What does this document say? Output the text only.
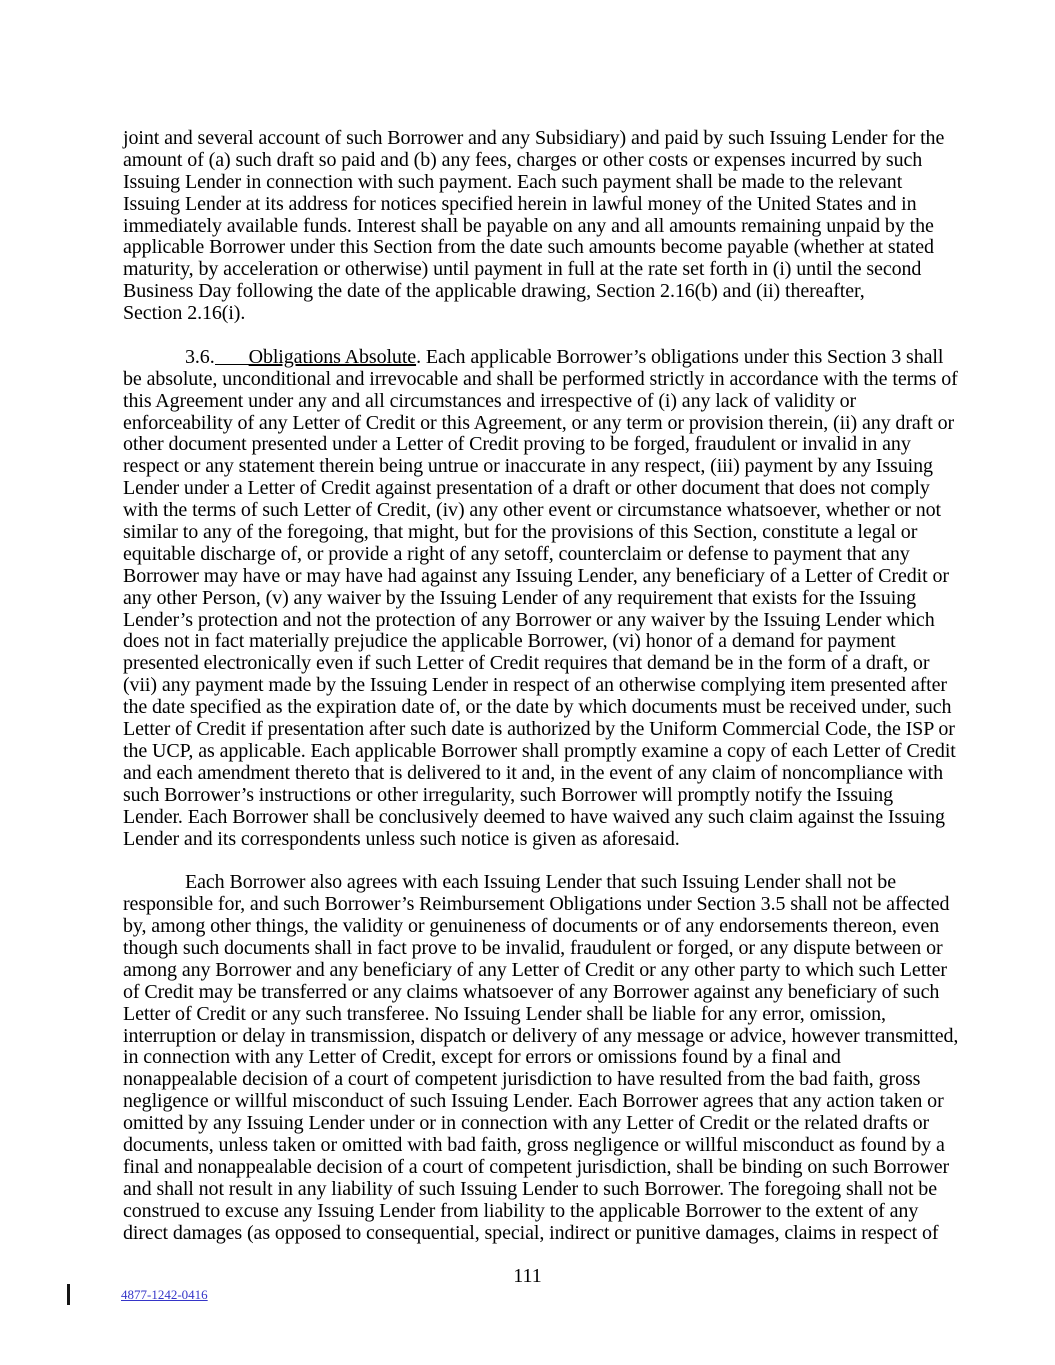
joint and several account of such Borrower and any Subsidiary) and paid by such Issuing Lender for the
amount of (a) such draft so paid and (b) any fees, charges or other costs or expenses incurred by such
Issuing Lender in connection with such payment. Each such payment shall be made to the relevant
Issuing Lender at its address for notices specified herein in lawful money of the United States and in
immediately available funds. Interest shall be payable on any and all amounts remaining unpaid by the
applicable Borrower under this Section from the date such amounts become payable (whether at stated
maturity, by acceleration or otherwise) until payment in full at the rate set forth in (i) until the second
Business Day following the date of the applicable drawing, Section 2.16(b) and (ii) thereafter,
Section 2.16(i).
3.6. Obligations Absolute. Each applicable Borrower’s obligations under this Section 3 shall
be absolute, unconditional and irrevocable and shall be performed strictly in accordance with the terms of
this Agreement under any and all circumstances and irrespective of (i) any lack of validity or
enforceability of any Letter of Credit or this Agreement, or any term or provision therein, (ii) any draft or
other document presented under a Letter of Credit proving to be forged, fraudulent or invalid in any
respect or any statement therein being untrue or inaccurate in any respect, (iii) payment by any Issuing
Lender under a Letter of Credit against presentation of a draft or other document that does not comply
with the terms of such Letter of Credit, (iv) any other event or circumstance whatsoever, whether or not
similar to any of the foregoing, that might, but for the provisions of this Section, constitute a legal or
equitable discharge of, or provide a right of any setoff, counterclaim or defense to payment that any
Borrower may have or may have had against any Issuing Lender, any beneficiary of a Letter of Credit or
any other Person, (v) any waiver by the Issuing Lender of any requirement that exists for the Issuing
Lender’s protection and not the protection of any Borrower or any waiver by the Issuing Lender which
does not in fact materially prejudice the applicable Borrower, (vi) honor of a demand for payment
presented electronically even if such Letter of Credit requires that demand be in the form of a draft, or
(vii) any payment made by the Issuing Lender in respect of an otherwise complying item presented after
the date specified as the expiration date of, or the date by which documents must be received under, such
Letter of Credit if presentation after such date is authorized by the Uniform Commercial Code, the ISP or
the UCP, as applicable. Each applicable Borrower shall promptly examine a copy of each Letter of Credit
and each amendment thereto that is delivered to it and, in the event of any claim of noncompliance with
such Borrower’s instructions or other irregularity, such Borrower will promptly notify the Issuing
Lender. Each Borrower shall be conclusively deemed to have waived any such claim against the Issuing
Lender and its correspondents unless such notice is given as aforesaid.
Each Borrower also agrees with each Issuing Lender that such Issuing Lender shall not be
responsible for, and such Borrower’s Reimbursement Obligations under Section 3.5 shall not be affected
by, among other things, the validity or genuineness of documents or of any endorsements thereon, even
though such documents shall in fact prove to be invalid, fraudulent or forged, or any dispute between or
among any Borrower and any beneficiary of any Letter of Credit or any other party to which such Letter
of Credit may be transferred or any claims whatsoever of any Borrower against any beneficiary of such
Letter of Credit or any such transferee. No Issuing Lender shall be liable for any error, omission,
interruption or delay in transmission, dispatch or delivery of any message or advice, however transmitted,
in connection with any Letter of Credit, except for errors or omissions found by a final and
nonappealable decision of a court of competent jurisdiction to have resulted from the bad faith, gross
negligence or willful misconduct of such Issuing Lender. Each Borrower agrees that any action taken or
omitted by any Issuing Lender under or in connection with any Letter of Credit or the related drafts or
documents, unless taken or omitted with bad faith, gross negligence or willful misconduct as found by a
final and nonappealable decision of a court of competent jurisdiction, shall be binding on such Borrower
and shall not result in any liability of such Issuing Lender to such Borrower. The foregoing shall not be
construed to excuse any Issuing Lender from liability to the applicable Borrower to the extent of any
direct damages (as opposed to consequential, special, indirect or punitive damages, claims in respect of
111
4877-1242-0416
